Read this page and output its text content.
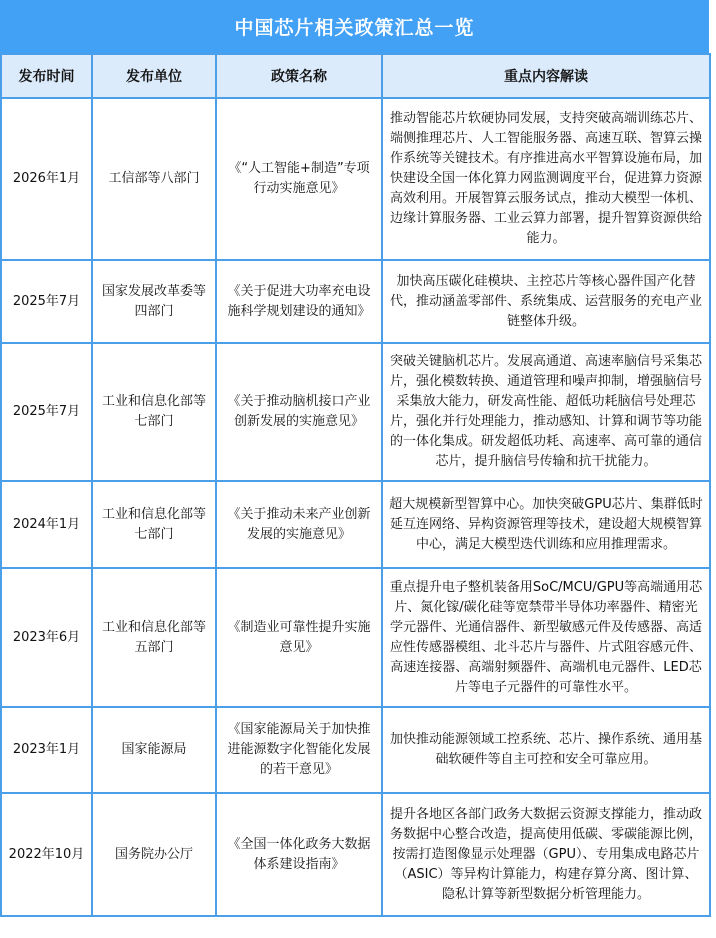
中国芯片相关政策汇总一览
发布时间	发布单位	政策名称	重点内容解读
2026年1月	工信部等八部门	《“人工智能+制造”专项行动实施意见》	推动智能芯片软硬协同发展，支持突破高端训练芯片、端侧推理芯片、人工智能服务器、高速互联、智算云操作系统等关键技术。有序推进高水平智算设施布局，加快建设全国一体化算力网监测调度平台，促进算力资源高效利用。开展智算云服务试点，推动大模型一体机、边缘计算服务器、工业云算力部署，提升智算资源供给能力。
2025年7月	国家发展改革委等四部门	《关于促进大功率充电设施科学规划建设的通知》	加快高压碳化硅模块、主控芯片等核心器件国产化替代，推动涵盖零部件、系统集成、运营服务的充电产业链整体升级。
2025年7月	工业和信息化部等七部门	《关于推动脑机接口产业创新发展的实施意见》	突破关键脑机芯片。发展高通道、高速率脑信号采集芯片，强化模数转换、通道管理和噪声抑制，增强脑信号采集放大能力，研发高性能、超低功耗脑信号处理芯片，强化并行处理能力，推动感知、计算和调节等功能的一体化集成。研发超低功耗、高速率、高可靠的通信芯片，提升脑信号传输和抗干扰能力。
2024年1月	工业和信息化部等七部门	《关于推动未来产业创新发展的实施意见》	超大规模新型智算中心。加快突破GPU芯片、集群低时延互连网络、异构资源管理等技术，建设超大规模智算中心，满足大模型迭代训练和应用推理需求。
2023年6月	工业和信息化部等五部门	《制造业可靠性提升实施意见》	重点提升电子整机装备用SoC/MCU/GPU等高端通用芯片、氮化镓/碳化硅等宽禁带半导体功率器件、精密光学元器件、光通信器件、新型敏感元件及传感器、高适应性传感器模组、北斗芯片与器件、片式阻容感元件、高速连接器、高端射频器件、高端机电元器件、LED芯片等电子元器件的可靠性水平。
2023年1月	国家能源局	《国家能源局关于加快推进能源数字化智能化发展的若干意见》	加快推动能源领域工控系统、芯片、操作系统、通用基础软硬件等自主可控和安全可靠应用。
2022年10月	国务院办公厅	《全国一体化政务大数据体系建设指南》	提升各地区各部门政务大数据云资源支撑能力，推动政务数据中心整合改造，提高使用低碳、零碳能源比例，按需打造图像显示处理器（GPU）、专用集成电路芯片（ASIC）等异构计算能力，构建存算分离、图计算、隐私计算等新型数据分析管理能力。
